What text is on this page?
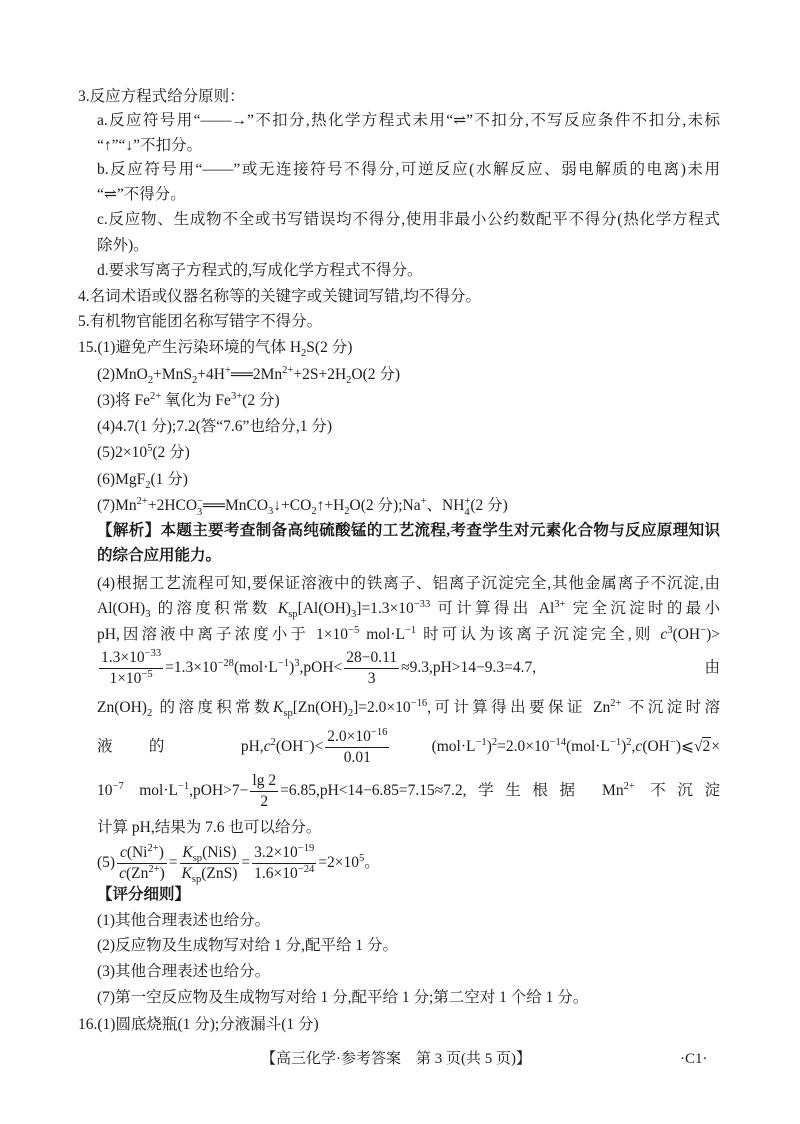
3.反应方程式给分原则：
a.反应符号用“——→”不扣分,热化学方程式未用“⇌”不扣分,不写反应条件不扣分,未标
“↑”“↓”不扣分。
b.反应符号用“——”或无连接符号不得分,可逆反应(水解反应、弱电解质的电离)未用
“⇌”不得分。
c.反应物、生成物不全或书写错误均不得分,使用非最小公约数配平不得分(热化学方程式
除外)。
d.要求写离子方程式的,写成化学方程式不得分。
4.名词术语或仪器名称等的关键字或关键词写错,均不得分。
5.有机物官能团名称写错字不得分。
15.(1)避免产生污染环境的气体 $H_2S(2$ 分)
$(2)MnO_2+MnS_2+4H^+══2Mn^{2+}+2S+2H_2O(2$ 分)
(3)将 $Fe^{2+}$ 氧化为 $Fe^{3+}(2$ 分)
(4)4.7(1 分);7.2(答“7.6”也给分,1 分)
$(5)2\times 10^5(2$ 分)
(6)MgF$_2$(1 分)
$(7)Mn^{2+}+2HCO$ −
3 $══MnCO_3↓+CO_2↑+H_2O(2$ 分);Na+、NH +
4 (2 分)
【解析】本题主要考查制备高纯硫酸锰的工艺流程,考查学生对元素化合物与反应原理知识
的综合应用能力。
(4)根据工艺流程可知,要保证溶液中的铁离子、铝离子沉淀完全,其他金属离子不沉淀,由
$Al(OH)_3$ 的溶度积常数 $K_{sp}[Al(OH)_3]=1.3\times 10^{-33}$ 可计算得出 $Al^{3+}$ 完全沉淀时的最小
pH,因溶液中离子浓度小于 $1\times 10^{-5}$ $mol\cdot L^{-1}$ 时可认为该离子沉淀完全,则 $c^3(OH^-)>$
$\frac{1.3\times 10^{-33}}{1\times 10^{-5}} =1.3\times 10^{-28}(mol\cdot L^{-1})^3,pOH< \frac{28-0.11}{3} \approx 9.3,pH>14-9.3=4.7$,由
$Zn(OH)_2$ 的溶度积常数$K_{sp}[Zn(OH)_2]=2.0\times 10^{-16}$,可计算得出要保证 $Zn^{2+}$ 不沉淀时溶
液的 $pH,c^2(OH^-)< \frac{2.0\times 10^{-16}}{0.01}$ $(mol\cdot L^{-1})^2=2.0\times 10^{-14}(mol\cdot L^{-1})^2,c(OH^-)⩽√2\times$
$10^{-7}$ $mol\cdot L^{-1},pOH>7- \frac{\lg 2}{2} =6.85,pH<14-6.85=7.15\approx 7.2$,学生根据 $Mn^{2+}$ 不沉淀
计算 pH,结果为 7.6 也可以给分。
$(5) \frac{c(Ni^{2+})}{c(Zn^{2+})} = \frac{K_{sp}(NiS)}{K_{sp}(ZnS)} = \frac{3.2\times 10^{-19}}{1.6\times 10^{-24}} =2\times 10^5$。
【评分细则】
(1)其他合理表述也给分。
(2)反应物及生成物写对给 1 分,配平给 1 分。
(3)其他合理表述也给分。
(7)第一空反应物及生成物写对给 1 分,配平给 1 分;第二空对 1 个给 1 分。
16.(1)圆底烧瓶(1 分);分液漏斗(1 分)
【高三化学·参考答案　第 3 页(共 5 页)】	·C1·
